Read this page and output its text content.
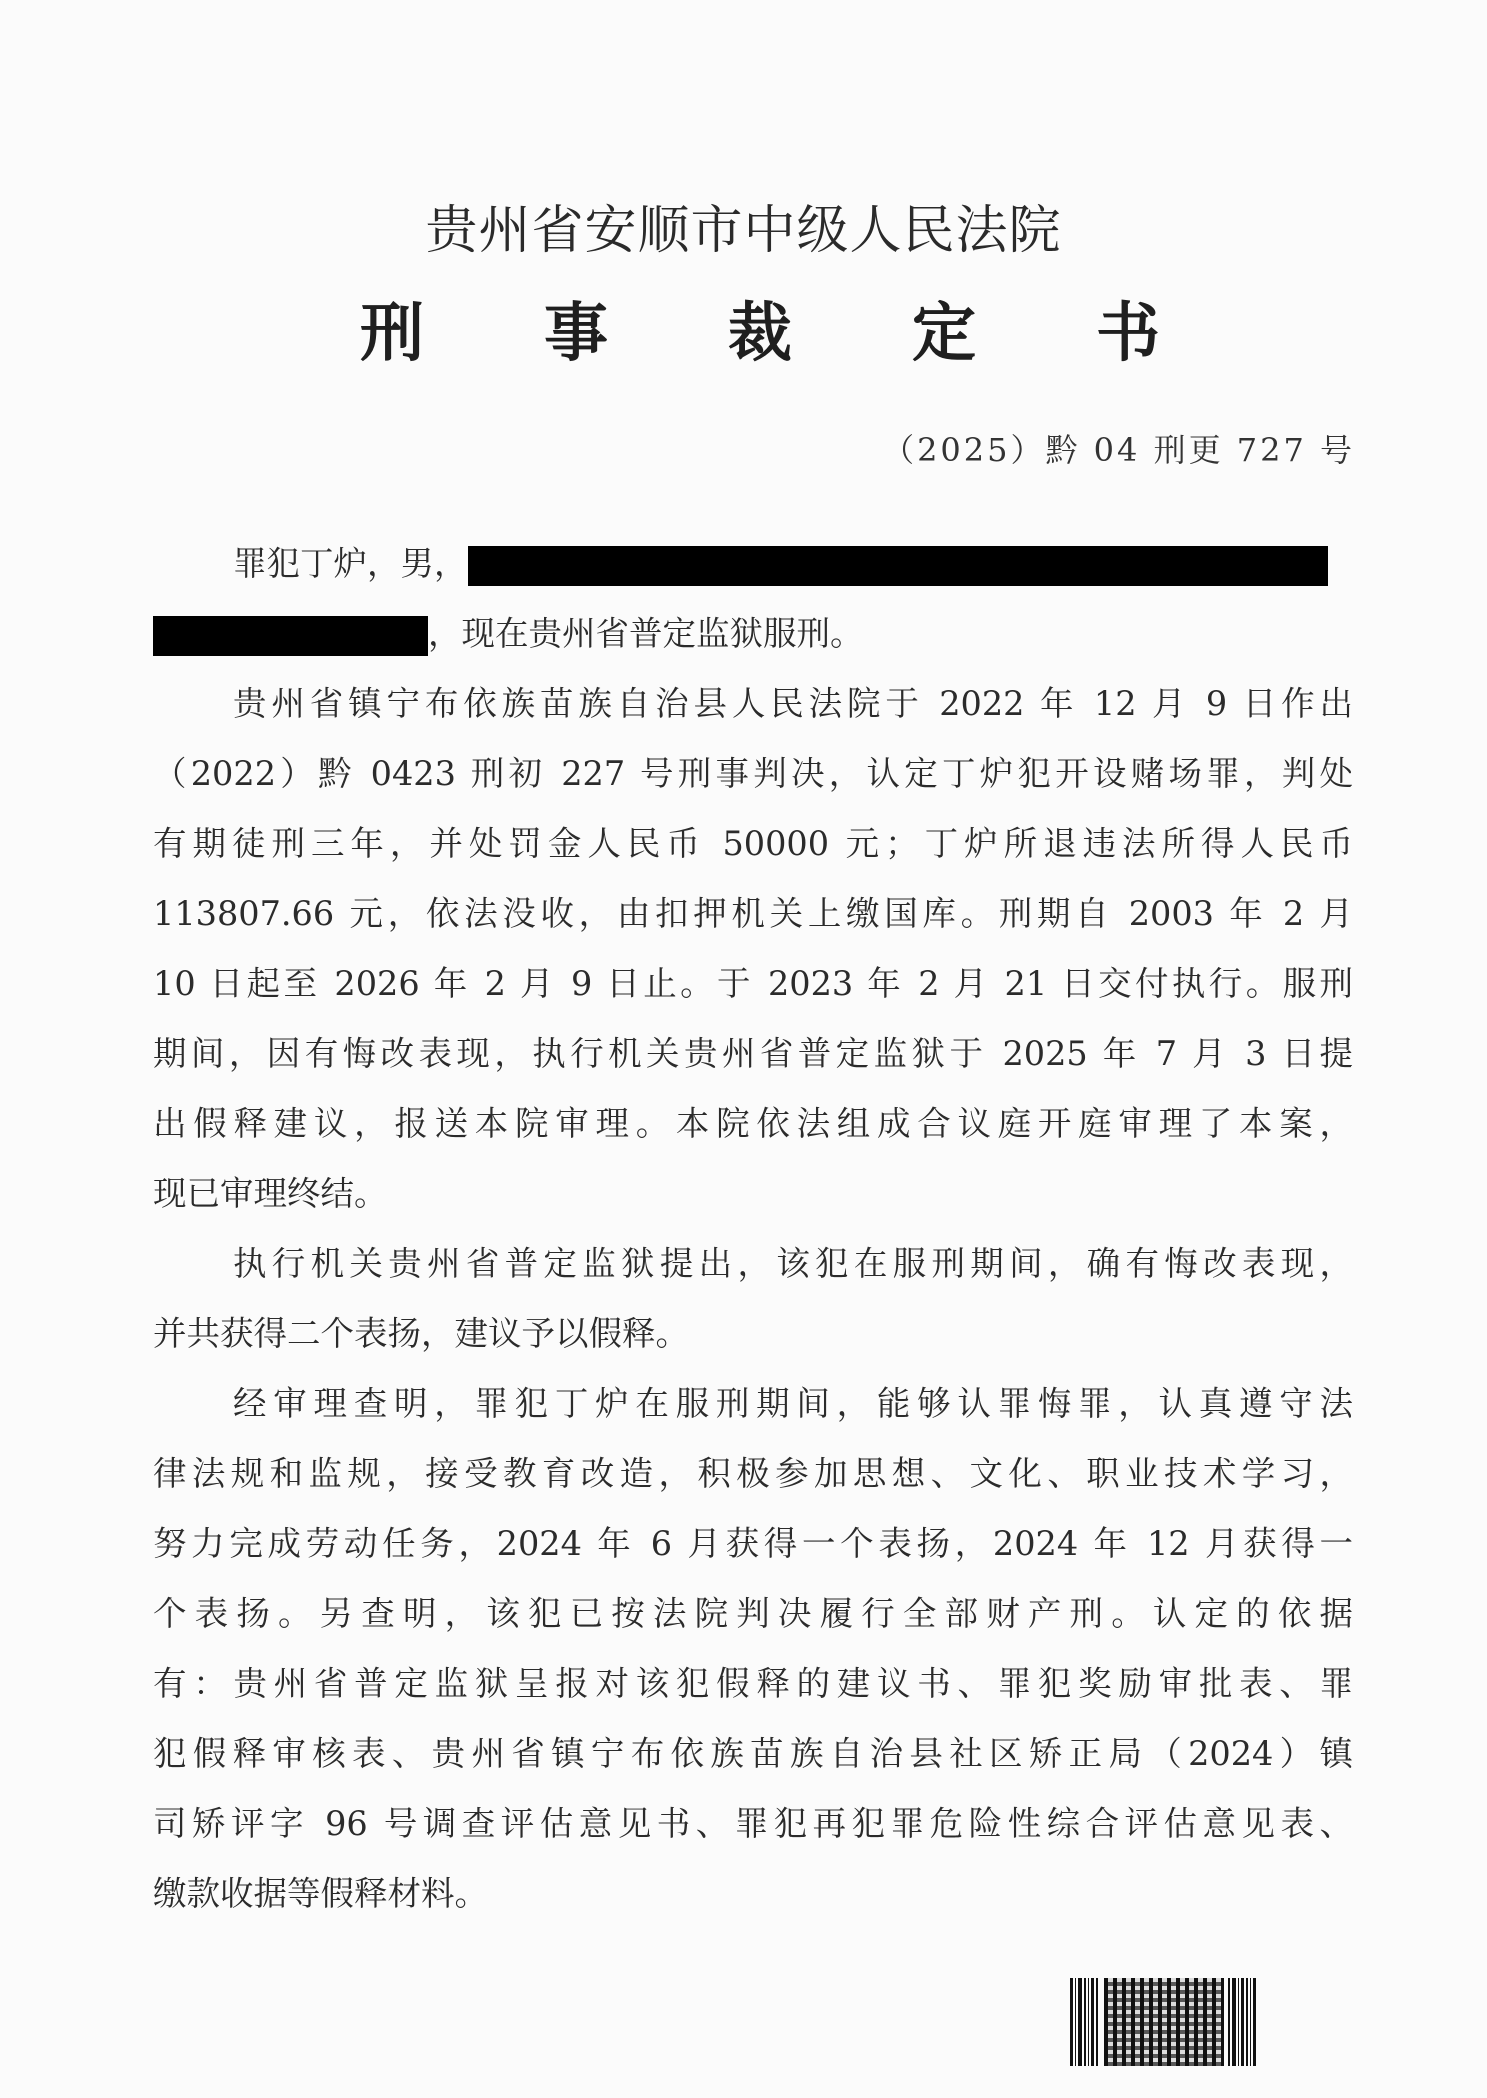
贵州省安顺市中级人民法院
刑 事 裁 定 书
（2025）黔 04 刑更 727 号
罪犯丁炉，男，
，现在贵州省普定监狱服刑。
贵州省镇宁布依族苗族自治县人民法院于 2022 年 12 月 9 日作出
（2022）黔 0423 刑初 227 号刑事判决，认定丁炉犯开设赌场罪，判处
有期徒刑三年，并处罚金人民币 50000 元；丁炉所退违法所得人民币
113807.66 元，依法没收，由扣押机关上缴国库。刑期自 2003 年 2 月
10 日起至 2026 年 2 月 9 日止。于 2023 年 2 月 21 日交付执行。服刑
期间，因有悔改表现，执行机关贵州省普定监狱于 2025 年 7 月 3 日提
出假释建议，报送本院审理。本院依法组成合议庭开庭审理了本案，
现已审理终结。
执行机关贵州省普定监狱提出，该犯在服刑期间，确有悔改表现，
并共获得二个表扬，建议予以假释。
经审理查明，罪犯丁炉在服刑期间，能够认罪悔罪，认真遵守法
律法规和监规，接受教育改造，积极参加思想、文化、职业技术学习，
努力完成劳动任务，2024 年 6 月获得一个表扬，2024 年 12 月获得一
个表扬。另查明，该犯已按法院判决履行全部财产刑。认定的依据
有：贵州省普定监狱呈报对该犯假释的建议书、罪犯奖励审批表、罪
犯假释审核表、贵州省镇宁布依族苗族自治县社区矫正局（2024）镇
司矫评字 96 号调查评估意见书、罪犯再犯罪危险性综合评估意见表、
缴款收据等假释材料。
